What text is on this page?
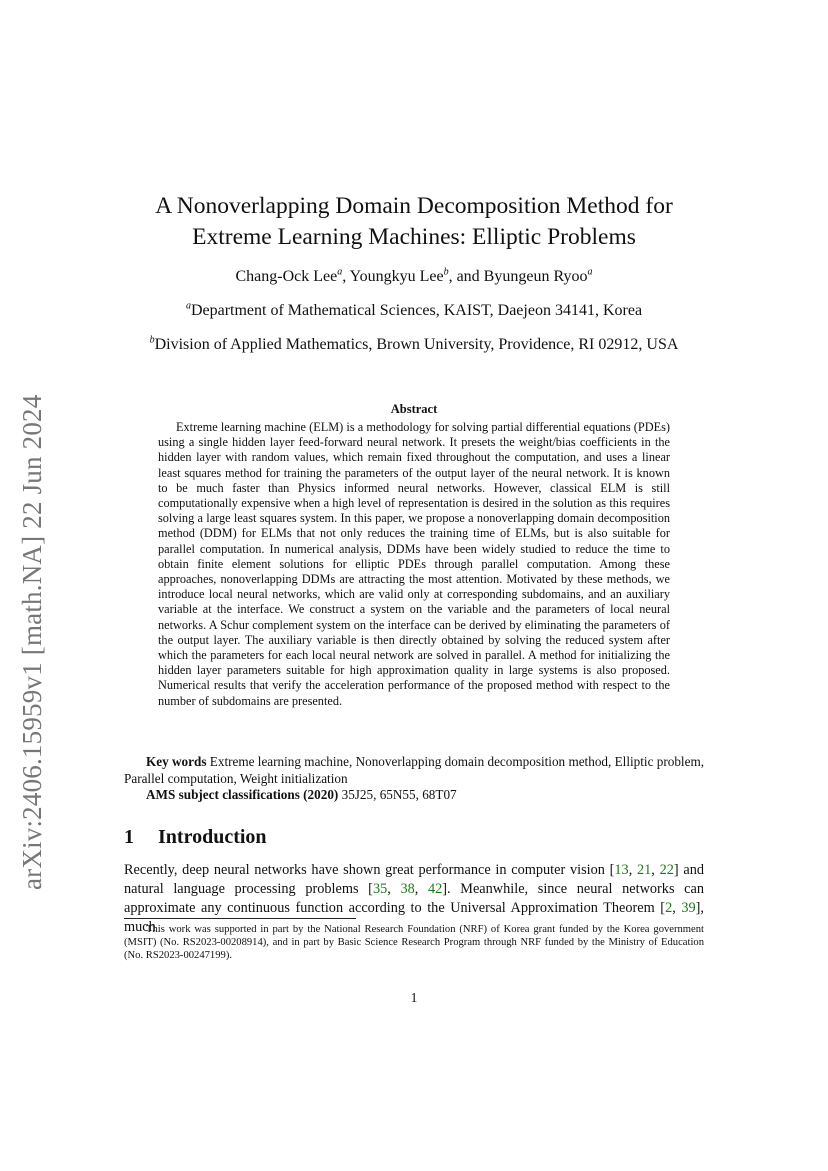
arXiv:2406.15959v1 [math.NA] 22 Jun 2024
A Nonoverlapping Domain Decomposition Method for
Extreme Learning Machines: Elliptic Problems
Chang-Ock Lee$^a$, Youngkyu Lee$^b$, and Byungeun Ryoo$^a$
$^a$Department of Mathematical Sciences, KAIST, Daejeon 34141, Korea
$^b$Division of Applied Mathematics, Brown University, Providence, RI 02912, USA
Abstract

Extreme learning machine (ELM) is a methodology for solving partial differential equations (PDEs) using a single hidden layer feed-forward neural network. It presets the weight/bias coefficients in the hidden layer with random values, which remain fixed throughout the computation, and uses a linear least squares method for training the parameters of the output layer of the neural network. It is known to be much faster than Physics informed neural networks. However, classical ELM is still computationally expensive when a high level of representation is desired in the solution as this requires solving a large least squares system. In this paper, we propose a nonoverlapping domain decomposition method (DDM) for ELMs that not only reduces the training time of ELMs, but is also suitable for parallel computation. In numerical analysis, DDMs have been widely studied to reduce the time to obtain finite element solutions for elliptic PDEs through parallel computation. Among these approaches, nonoverlapping DDMs are attracting the most attention. Motivated by these methods, we introduce local neural networks, which are valid only at corresponding subdomains, and an auxiliary variable at the interface. We construct a system on the variable and the parameters of local neural networks. A Schur complement system on the interface can be derived by eliminating the parameters of the output layer. The auxiliary variable is then directly obtained by solving the reduced system after which the parameters for each local neural network are solved in parallel. A method for initializing the hidden layer parameters suitable for high approximation quality in large systems is also proposed. Numerical results that verify the acceleration performance of the proposed method with respect to the number of subdomains are presented.

Key words Extreme learning machine, Nonoverlapping domain decomposition method, Elliptic problem, Parallel computation, Weight initialization

AMS subject classifications (2020) 35J25, 65N55, 68T07

1 Introduction

Recently, deep neural networks have shown great performance in computer vision [13, 21, 22] and natural language processing problems [35, 38, 42]. Meanwhile, since neural networks can approximate any continuous function according to the Universal Approximation Theorem [2, 39], much

This work was supported in part by the National Research Foundation (NRF) of Korea grant funded by the Korea government (MSIT) (No. RS2023-00208914), and in part by Basic Science Research Program through NRF funded by the Ministry of Education (No. RS2023-00247199).

1
